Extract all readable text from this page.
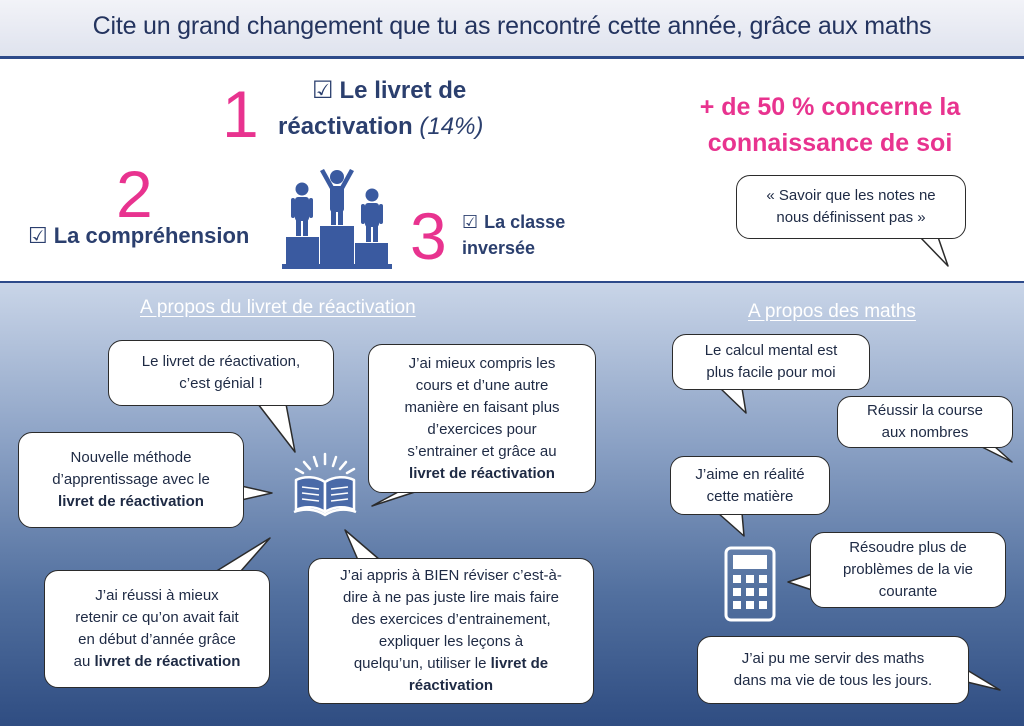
Cite un grand changement que tu as rencontré cette année, grâce aux maths
1 ☑ Le livret de
réactivation (14%)
2
☑ La compréhension 3 ☑ La classe
inversée
+ de 50 % concerne la
connaissance de soi
A propos du livret de réactivation	A propos des maths
« Savoir que les notes ne
nous définissent pas »
Le livret de réactivation,
c’est génial !
Nouvelle méthode
d’apprentissage avec le
livret de réactivation
J’ai mieux compris les
cours et d’une autre
manière en faisant plus
d’exercices pour
s’entrainer et grâce au
livret de réactivation
J’ai réussi à mieux
retenir ce qu’on avait fait
en début d’année grâce
au livret de réactivation
J’ai appris à BIEN réviser c’est-à-
dire à ne pas juste lire mais faire
des exercices d’entrainement,
expliquer les leçons à
quelqu’un, utiliser le livret de
réactivation
Le calcul mental est
plus facile pour moi
Réussir la course
aux nombres
J’aime en réalité
cette matière
Résoudre plus de
problèmes de la vie
courante
J’ai pu me servir des maths
dans ma vie de tous les jours.
